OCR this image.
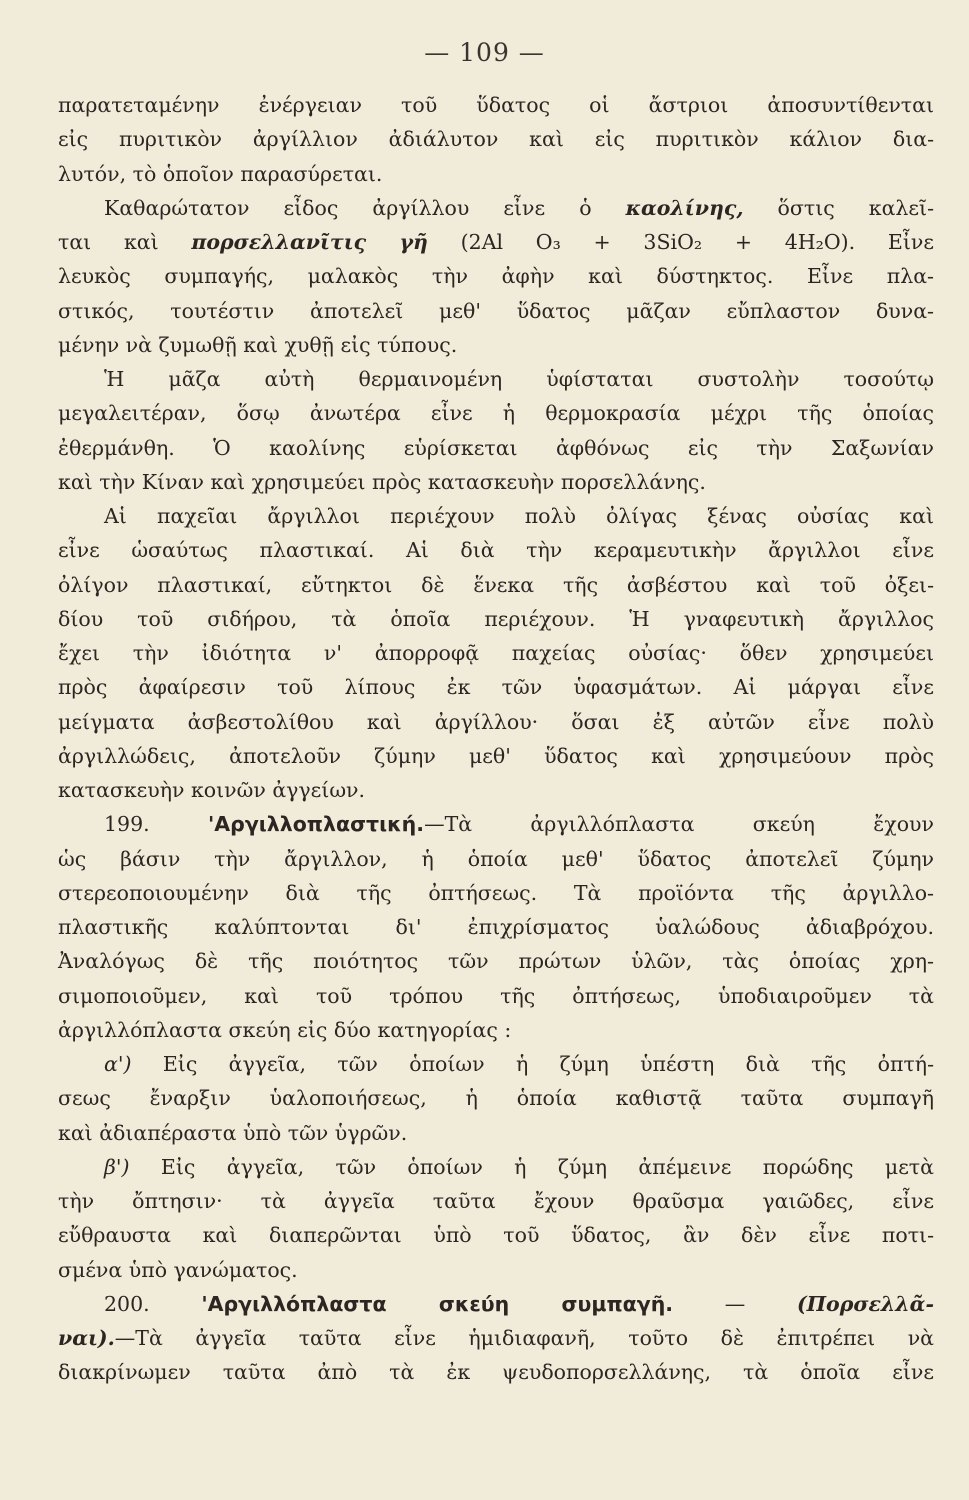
— 109 —
παρατεταμένην ἐνέργειαν τοῦ ὕδατος οἱ ἄστριοι ἀποσυντίθενται
εἰς πυριτικὸν ἀργίλλιον ἀδιάλυτον καὶ εἰς πυριτικὸν κάλιον δια-
λυτόν, τὸ ὁποῖον παρασύρεται.
Καθαρώτατον εἶδος ἀργίλλου εἶνε ὁ καολίνης, ὅστις καλεῖ-
ται καὶ πορσελλανῖτις γῆ (2Al O₃ + 3SiO₂ + 4H₂O). Εἶνε
λευκὸς συμπαγής, μαλακὸς τὴν ἀφὴν καὶ δύστηκτος. Εἶνε πλα-
στικός, τουτέστιν ἀποτελεῖ μεθ' ὕδατος μᾶζαν εὔπλαστον δυνα-
μένην νὰ ζυμωθῇ καὶ χυθῇ εἰς τύπους.
Ἡ μᾶζα αὐτὴ θερμαινομένη ὑφίσταται συστολὴν τοσούτῳ
μεγαλειτέραν, ὅσῳ ἀνωτέρα εἶνε ἡ θερμοκρασία μέχρι τῆς ὁποίας
ἐθερμάνθη. Ὁ καολίνης εὑρίσκεται ἀφθόνως εἰς τὴν Σαξωνίαν
καὶ τὴν Κίναν καὶ χρησιμεύει πρὸς κατασκευὴν πορσελλάνης.
Αἱ παχεῖαι ἄργιλλοι περιέχουν πολὺ ὀλίγας ξένας οὐσίας καὶ
εἶνε ὡσαύτως πλαστικαί. Αἱ διὰ τὴν κεραμευτικὴν ἄργιλλοι εἶνε
ὀλίγον πλαστικαί, εὔτηκτοι δὲ ἕνεκα τῆς ἀσβέστου καὶ τοῦ ὀξει-
δίου τοῦ σιδήρου, τὰ ὁποῖα περιέχουν. Ἡ γναφευτικὴ ἄργιλλος
ἔχει τὴν ἰδιότητα ν' ἀπορροφᾷ παχείας οὐσίας· ὅθεν χρησιμεύει
πρὸς ἀφαίρεσιν τοῦ λίπους ἐκ τῶν ὑφασμάτων. Αἱ μάργαι εἶνε
μείγματα ἀσβεστολίθου καὶ ἀργίλλου· ὅσαι ἐξ αὐτῶν εἶνε πολὺ
ἀργιλλώδεις, ἀποτελοῦν ζύμην μεθ' ὕδατος καὶ χρησιμεύουν πρὸς
κατασκευὴν κοινῶν ἀγγείων.
199. 'Αργιλλοπλαστική.—Τὰ ἀργιλλόπλαστα σκεύη ἔχουν
ὡς βάσιν τὴν ἄργιλλον, ἡ ὁποία μεθ' ὕδατος ἀποτελεῖ ζύμην
στερεοποιουμένην διὰ τῆς ὀπτήσεως. Τὰ προϊόντα τῆς ἀργιλλο-
πλαστικῆς καλύπτονται δι' ἐπιχρίσματος ὑαλώδους ἀδιαβρόχου.
Ἀναλόγως δὲ τῆς ποιότητος τῶν πρώτων ὑλῶν, τὰς ὁποίας χρη-
σιμοποιοῦμεν, καὶ τοῦ τρόπου τῆς ὀπτήσεως, ὑποδιαιροῦμεν τὰ
ἀργιλλόπλαστα σκεύη εἰς δύο κατηγορίας :
α') Εἰς ἀγγεῖα, τῶν ὁποίων ἡ ζύμη ὑπέστη διὰ τῆς ὀπτή-
σεως ἔναρξιν ὑαλοποιήσεως, ἡ ὁποία καθιστᾷ ταῦτα συμπαγῆ
καὶ ἀδιαπέραστα ὑπὸ τῶν ὑγρῶν.
β') Εἰς ἀγγεῖα, τῶν ὁποίων ἡ ζύμη ἀπέμεινε πορώδης μετὰ
τὴν ὄπτησιν· τὰ ἀγγεῖα ταῦτα ἔχουν θραῦσμα γαιῶδες, εἶνε
εὔθραυστα καὶ διαπερῶνται ὑπὸ τοῦ ὕδατος, ἂν δὲν εἶνε ποτι-
σμένα ὑπὸ γανώματος.
200. 'Αργιλλόπλαστα σκεύη συμπαγῆ. — (Πορσελλᾶ-
ναι).—Τὰ ἀγγεῖα ταῦτα εἶνε ἡμιδιαφανῆ, τοῦτο δὲ ἐπιτρέπει νὰ
διακρίνωμεν ταῦτα ἀπὸ τὰ ἐκ ψευδοπορσελλάνης, τὰ ὁποῖα εἶνε
